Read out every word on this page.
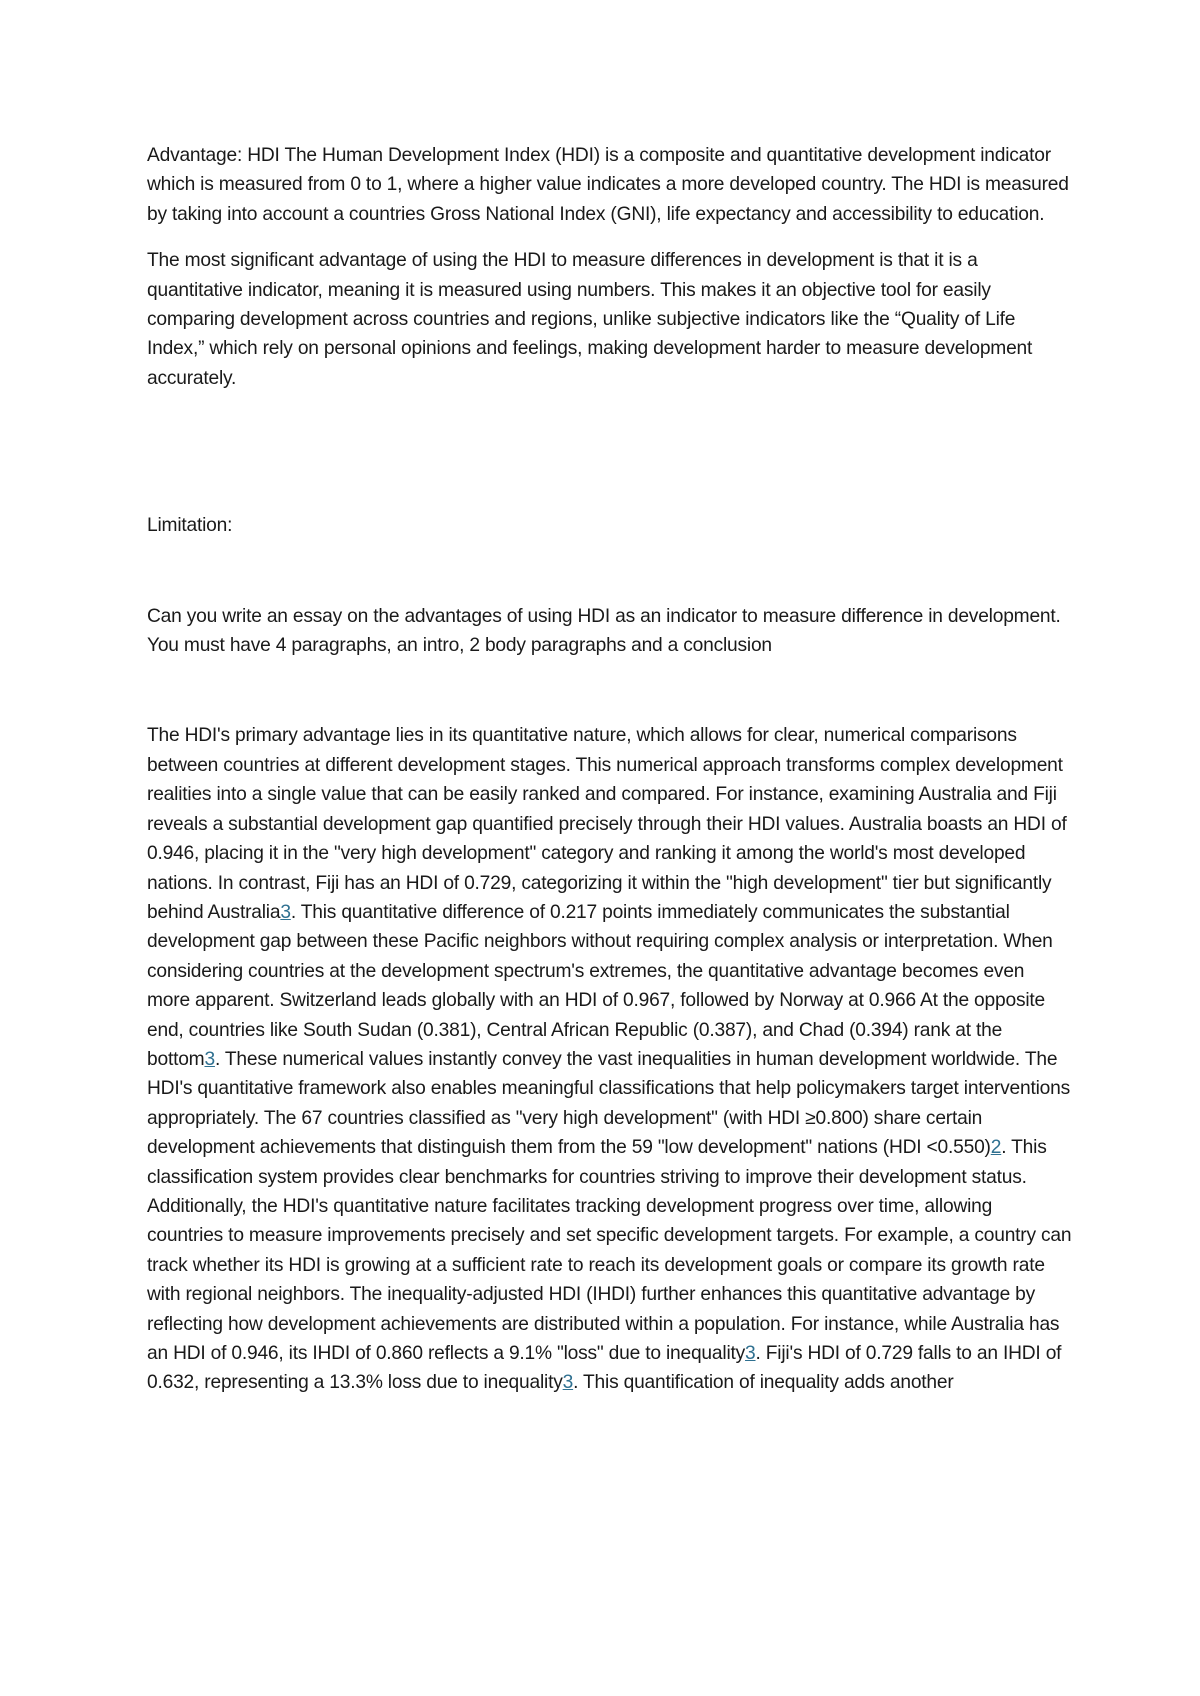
Advantage: HDI The Human Development Index (HDI) is a composite and quantitative development indicator which is measured from 0 to 1, where a higher value indicates a more developed country. The HDI is measured by taking into account a countries Gross National Index (GNI), life expectancy and accessibility to education.

The most significant advantage of using the HDI to measure differences in development is that it is a quantitative indicator, meaning it is measured using numbers. This makes it an objective tool for easily comparing development across countries and regions, unlike subjective indicators like the “Quality of Life Index,” which rely on personal opinions and feelings, making development harder to measure development accurately.

Limitation:

Can you write an essay on the advantages of using HDI as an indicator to measure difference in development. You must have 4 paragraphs, an intro, 2 body paragraphs and a conclusion

The HDI's primary advantage lies in its quantitative nature, which allows for clear, numerical comparisons between countries at different development stages. This numerical approach transforms complex development realities into a single value that can be easily ranked and compared. For instance, examining Australia and Fiji reveals a substantial development gap quantified precisely through their HDI values. Australia boasts an HDI of 0.946, placing it in the "very high development" category and ranking it among the world's most developed nations. In contrast, Fiji has an HDI of 0.729, categorizing it within the "high development" tier but significantly behind Australia3. This quantitative difference of 0.217 points immediately communicates the substantial development gap between these Pacific neighbors without requiring complex analysis or interpretation. When considering countries at the development spectrum's extremes, the quantitative advantage becomes even more apparent. Switzerland leads globally with an HDI of 0.967, followed by Norway at 0.966 At the opposite end, countries like South Sudan (0.381), Central African Republic (0.387), and Chad (0.394) rank at the bottom3. These numerical values instantly convey the vast inequalities in human development worldwide. The HDI's quantitative framework also enables meaningful classifications that help policymakers target interventions appropriately. The 67 countries classified as "very high development" (with HDI ≥0.800) share certain development achievements that distinguish them from the 59 "low development" nations (HDI <0.550)2. This classification system provides clear benchmarks for countries striving to improve their development status. Additionally, the HDI's quantitative nature facilitates tracking development progress over time, allowing countries to measure improvements precisely and set specific development targets. For example, a country can track whether its HDI is growing at a sufficient rate to reach its development goals or compare its growth rate with regional neighbors. The inequality-adjusted HDI (IHDI) further enhances this quantitative advantage by reflecting how development achievements are distributed within a population. For instance, while Australia has an HDI of 0.946, its IHDI of 0.860 reflects a 9.1% "loss" due to inequality3. Fiji's HDI of 0.729 falls to an IHDI of 0.632, representing a 13.3% loss due to inequality3. This quantification of inequality adds another
